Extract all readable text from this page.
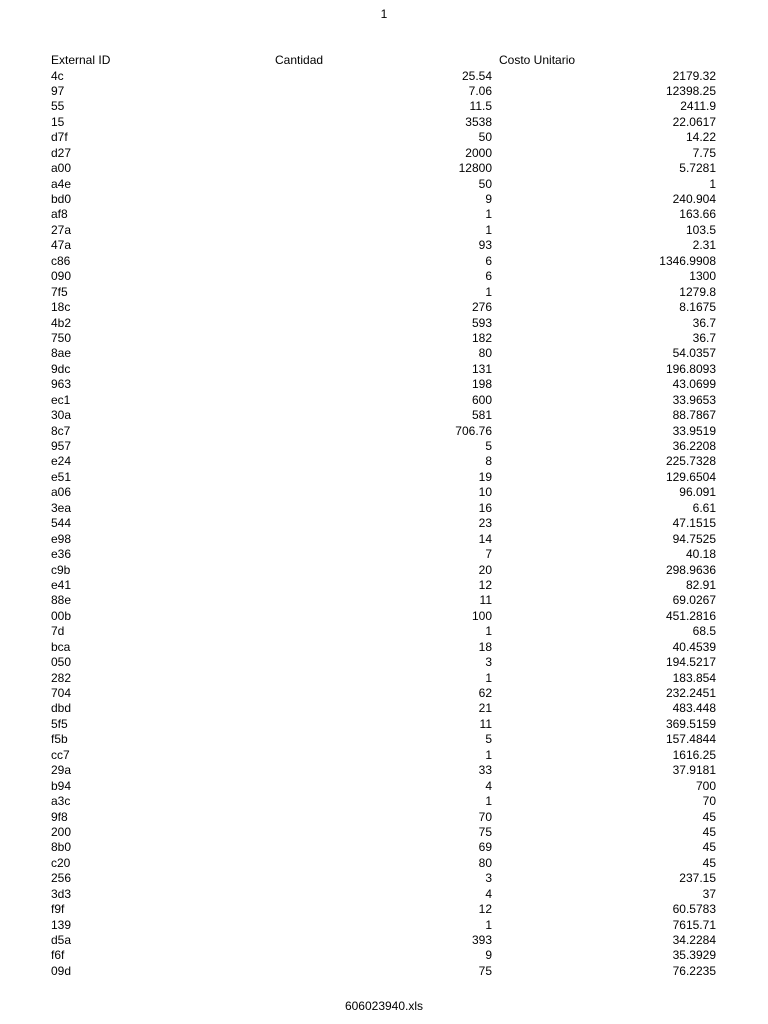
1
External ID	Cantidad	Costo Unitario
4c	25.54	2179.32
97	7.06	12398.25
55	11.5	2411.9
15	3538	22.0617
d7f	50	14.22
d27	2000	7.75
a00	12800	5.7281
a4e	50	1
bd0	9	240.904
af8	1	163.66
27a	1	103.5
47a	93	2.31
c86	6	1346.9908
090	6	1300
7f5	1	1279.8
18c	276	8.1675
4b2	593	36.7
750	182	36.7
8ae	80	54.0357
9dc	131	196.8093
963	198	43.0699
ec1	600	33.9653
30a	581	88.7867
8c7	706.76	33.9519
957	5	36.2208
e24	8	225.7328
e51	19	129.6504
a06	10	96.091
3ea	16	6.61
544	23	47.1515
e98	14	94.7525
e36	7	40.18
c9b	20	298.9636
e41	12	82.91
88e	11	69.0267
00b	100	451.2816
7d	1	68.5
bca	18	40.4539
050	3	194.5217
282	1	183.854
704	62	232.2451
dbd	21	483.448
5f5	11	369.5159
f5b	5	157.4844
cc7	1	1616.25
29a	33	37.9181
b94	4	700
a3c	1	70
9f8	70	45
200	75	45
8b0	69	45
c20	80	45
256	3	237.15
3d3	4	37
f9f	12	60.5783
139	1	7615.71
d5a	393	34.2284
f6f	9	35.3929
09d	75	76.2235
606023940.xls
